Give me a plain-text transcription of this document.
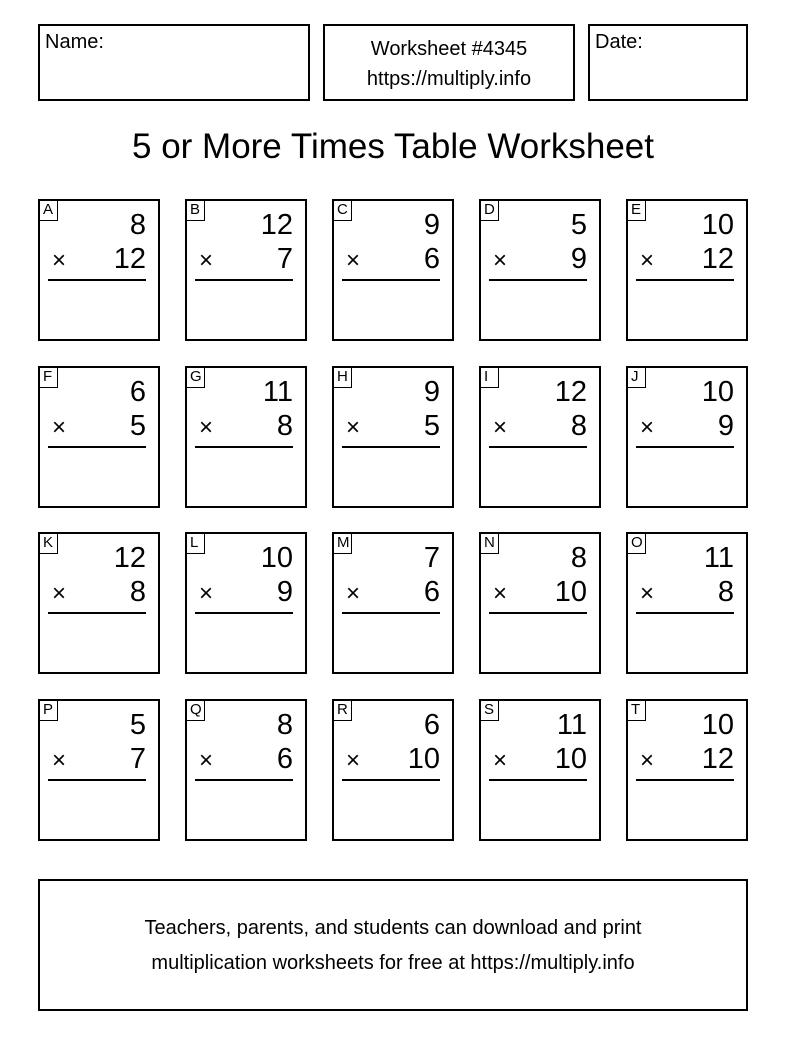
Name:	Worksheet #4345
https://multiply.info
Date:
5 or More Times Table Worksheet
A	8
× 12
B 12
× 7
C	9
× 6
D	5
× 9
E 10
× 12
F	6
× 5
G 11
× 8
H	9
× 5
I	12
× 8
J 10
× 9
K 12
× 8
L 10
× 9
M	7
× 6
N	8
× 10
O 11
× 8
P	5
× 7
Q	8
× 6
R	6
× 10
S 11
× 10
T 10
× 12
Teachers, parents, and students can download and print
multiplication worksheets for free at https://multiply.info
